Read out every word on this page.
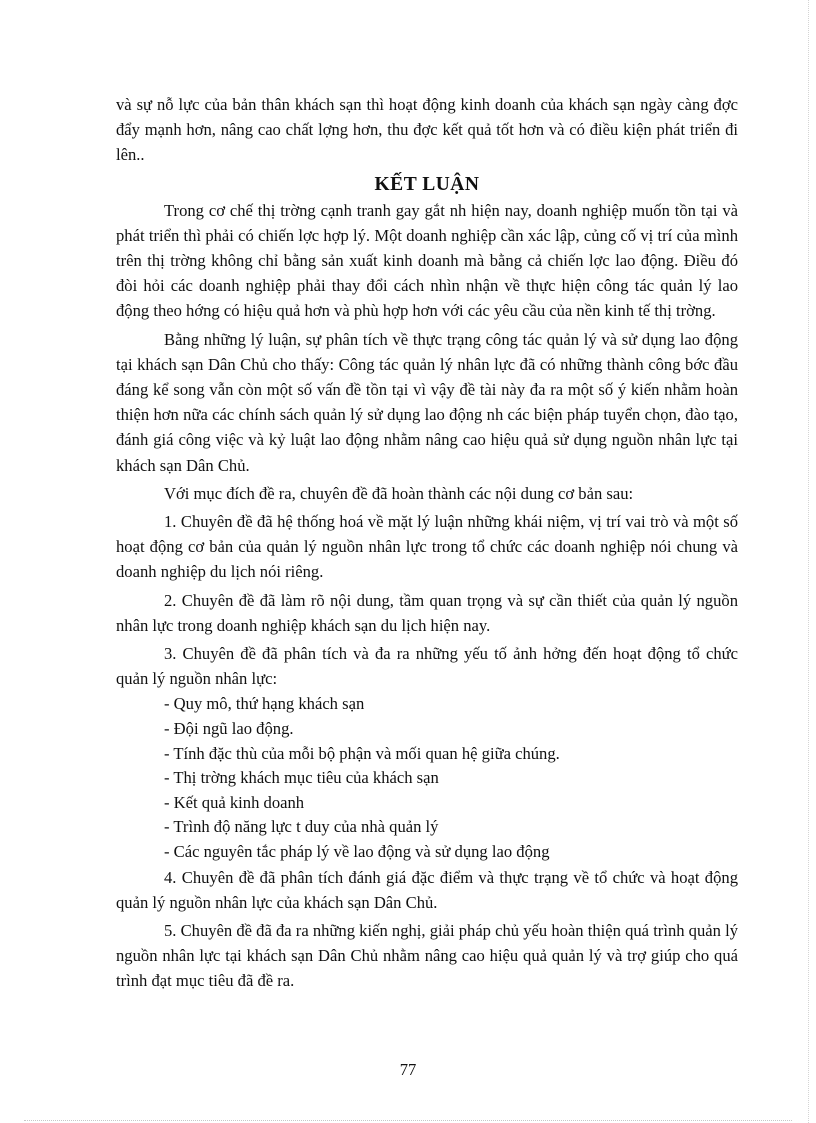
và sự nỗ lực của bản thân khách sạn thì hoạt động kinh doanh của khách sạn ngày càng đợc đẩy mạnh hơn, nâng cao chất lợng hơn, thu đợc kết quả tốt hơn và có điều kiện phát triển đi lên..

KẾT LUẬN

Trong cơ chế thị trờng cạnh tranh gay gắt nh hiện nay, doanh nghiệp muốn tồn tại và phát triển thì phải có chiến lợc hợp lý. Một doanh nghiệp cần xác lập, củng cố vị trí của mình trên thị trờng không chỉ bằng sản xuất kinh doanh mà bằng cả chiến lợc lao động. Điều đó đòi hỏi các doanh nghiệp phải thay đổi cách nhìn nhận về thực hiện công tác quản lý lao động theo hớng có hiệu quả hơn và phù hợp hơn với các yêu cầu của nền kinh tế thị trờng.

Bằng những lý luận, sự phân tích về thực trạng công tác quản lý và sử dụng lao động tại khách sạn Dân Chủ cho thấy: Công tác quản lý nhân lực đã có những thành công bớc đầu đáng kể song vẫn còn một số vấn đề tồn tại vì vậy đề tài này đa ra một số ý kiến nhằm hoàn thiện hơn nữa các chính sách quản lý sử dụng lao động nh các biện pháp tuyển chọn, đào tạo, đánh giá công việc và kỷ luật lao động nhằm nâng cao hiệu quả sử dụng nguồn nhân lực tại khách sạn Dân Chủ.

Với mục đích đề ra, chuyên đề đã hoàn thành các nội dung cơ bản sau:

1. Chuyên đề đã hệ thống hoá về mặt lý luận những khái niệm, vị trí vai trò và một số hoạt động cơ bản của quản lý nguồn nhân lực trong tổ chức các doanh nghiệp nói chung và doanh nghiệp du lịch nói riêng.

2. Chuyên đề đã làm rõ nội dung, tầm quan trọng và sự cần thiết của quản lý nguồn nhân lực trong doanh nghiệp khách sạn du lịch hiện nay.

3. Chuyên đề đã phân tích và đa ra những yếu tố ảnh hởng đến hoạt động tổ chức quản lý nguồn nhân lực:

- Quy mô, thứ hạng khách sạn

- Đội ngũ lao động.

- Tính đặc thù của mỗi bộ phận và mối quan hệ giữa chúng.

- Thị trờng khách mục tiêu của khách sạn

- Kết quả kinh doanh

- Trình độ năng lực t duy của nhà quản lý

- Các nguyên tắc pháp lý về lao động và sử dụng lao động

4. Chuyên đề đã phân tích đánh giá đặc điểm và thực trạng về tổ chức và hoạt động quản lý nguồn nhân lực của khách sạn Dân Chủ.

5. Chuyên đề đã đa ra những kiến nghị, giải pháp chủ yếu hoàn thiện quá trình quản lý nguồn nhân lực tại khách sạn Dân Chủ nhằm nâng cao hiệu quả quản lý và trợ giúp cho quá trình đạt mục tiêu đã đề ra.

77
